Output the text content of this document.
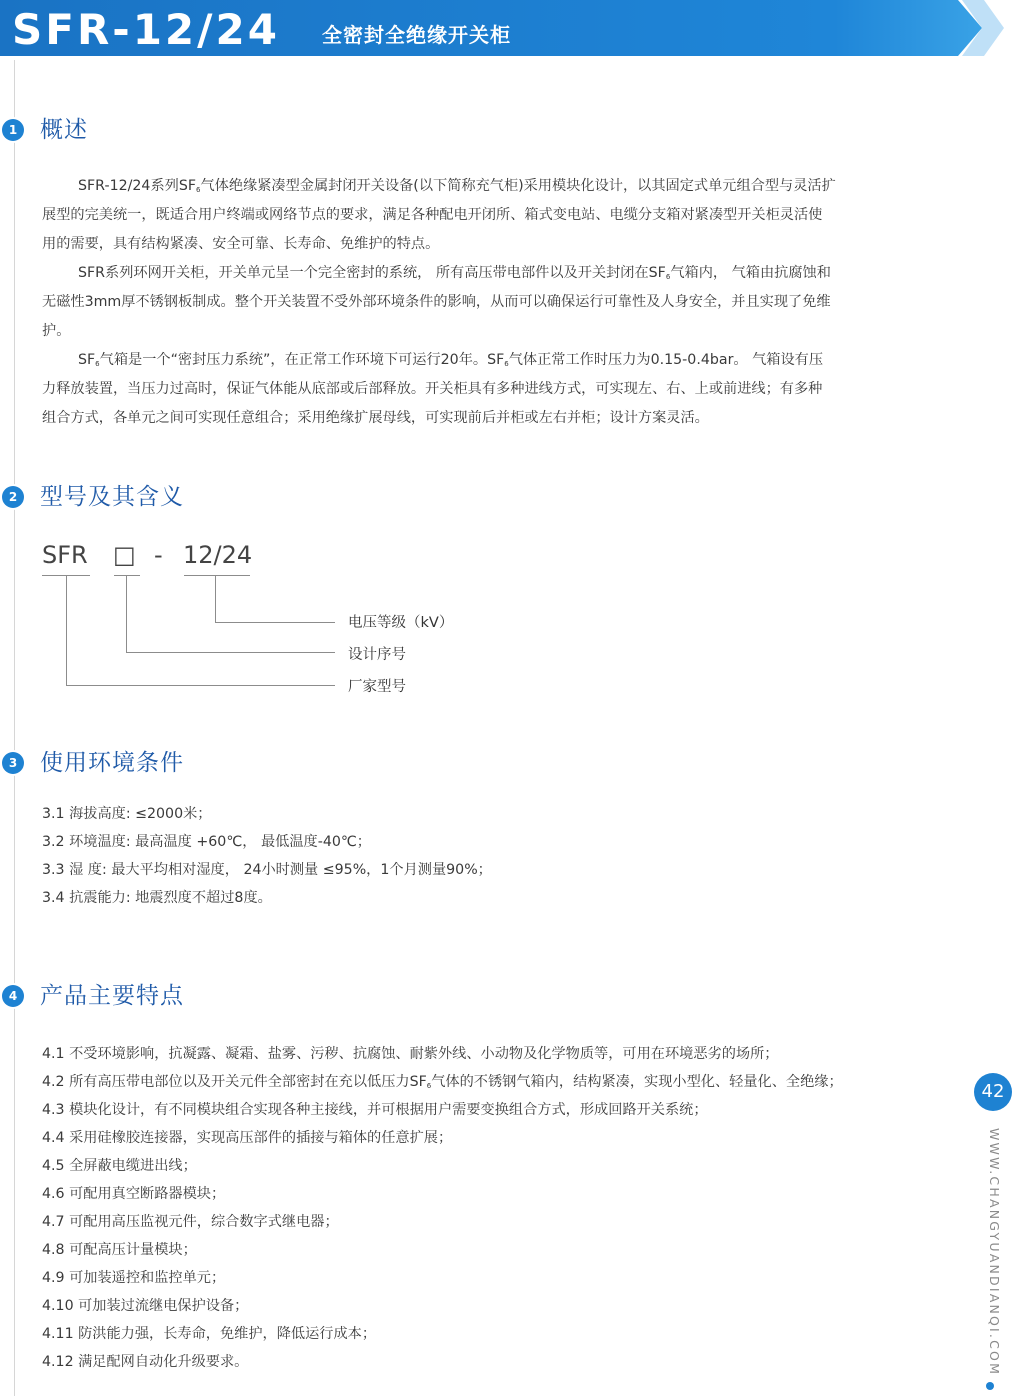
SFR-12/24 全密封全绝缘开关柜
1 概述

SFR-12/24系列$SF_6$气体绝缘紧凑型金属封闭开关设备(以下简称充气柜)采用模块化设计，以其固定式单元组合型与灵活扩
展型的完美统一，既适合用户终端或网络节点的要求，满足各种配电开闭所、箱式变电站、电缆分支箱对紧凑型开关柜灵活使
用的需要，具有结构紧凑、安全可靠、长寿命、免维护的特点。

SFR系列环网开关柜，开关单元呈一个完全密封的系统， 所有高压带电部件以及开关封闭在$SF_6$气箱内， 气箱由抗腐蚀和
无磁性3mm厚不锈钢板制成。整个开关装置不受外部环境条件的影响，从而可以确保运行可靠性及人身安全，并且实现了免维
护。

$SF_6$气箱是一个“密封压力系统”，在正常工作环境下可运行20年。$SF_6$气体正常工作时压力为0.15-0.4bar。 气箱设有压
力释放装置，当压力过高时，保证气体能从底部或后部释放。开关柜具有多种进线方式，可实现左、右、上或前进线；有多种
组合方式，各单元之间可实现任意组合；采用绝缘扩展母线，可实现前后并柜或左右并柜；设计方案灵活。

2 型号及其含义
SFR □ - 12/24
电压等级（kV）
设计序号
厂家型号
3 使用环境条件
3.1 海拔高度: ≤2000米；
3.2 环境温度: 最高温度 +60℃， 最低温度-40℃；
3.3 湿 度: 最大平均相对湿度， 24小时测量 ≤95%，1个月测量90%；
3.4 抗震能力: 地震烈度不超过8度。
4 产品主要特点
4.1 不受环境影响，抗凝露、凝霜、盐雾、污秽、抗腐蚀、耐紫外线、小动物及化学物质等，可用在环境恶劣的场所；
4.2 所有高压带电部位以及开关元件全部密封在充以低压力$SF_6$气体的不锈钢气箱内，结构紧凑，实现小型化、轻量化、全绝缘；
4.3 模块化设计，有不同模块组合实现各种主接线，并可根据用户需要变换组合方式，形成回路开关系统；
4.4 采用硅橡胶连接器，实现高压部件的插接与箱体的任意扩展；
4.5 全屏蔽电缆进出线；
4.6 可配用真空断路器模块；
4.7 可配用高压监视元件，综合数字式继电器；
4.8 可配高压计量模块；
4.9 可加装遥控和监控单元；
4.10 可加装过流继电保护设备；
4.11 防洪能力强，长寿命，免维护，降低运行成本；
4.12 满足配网自动化升级要求。
42
WWW.CHANGYUANDIANQI.COM
